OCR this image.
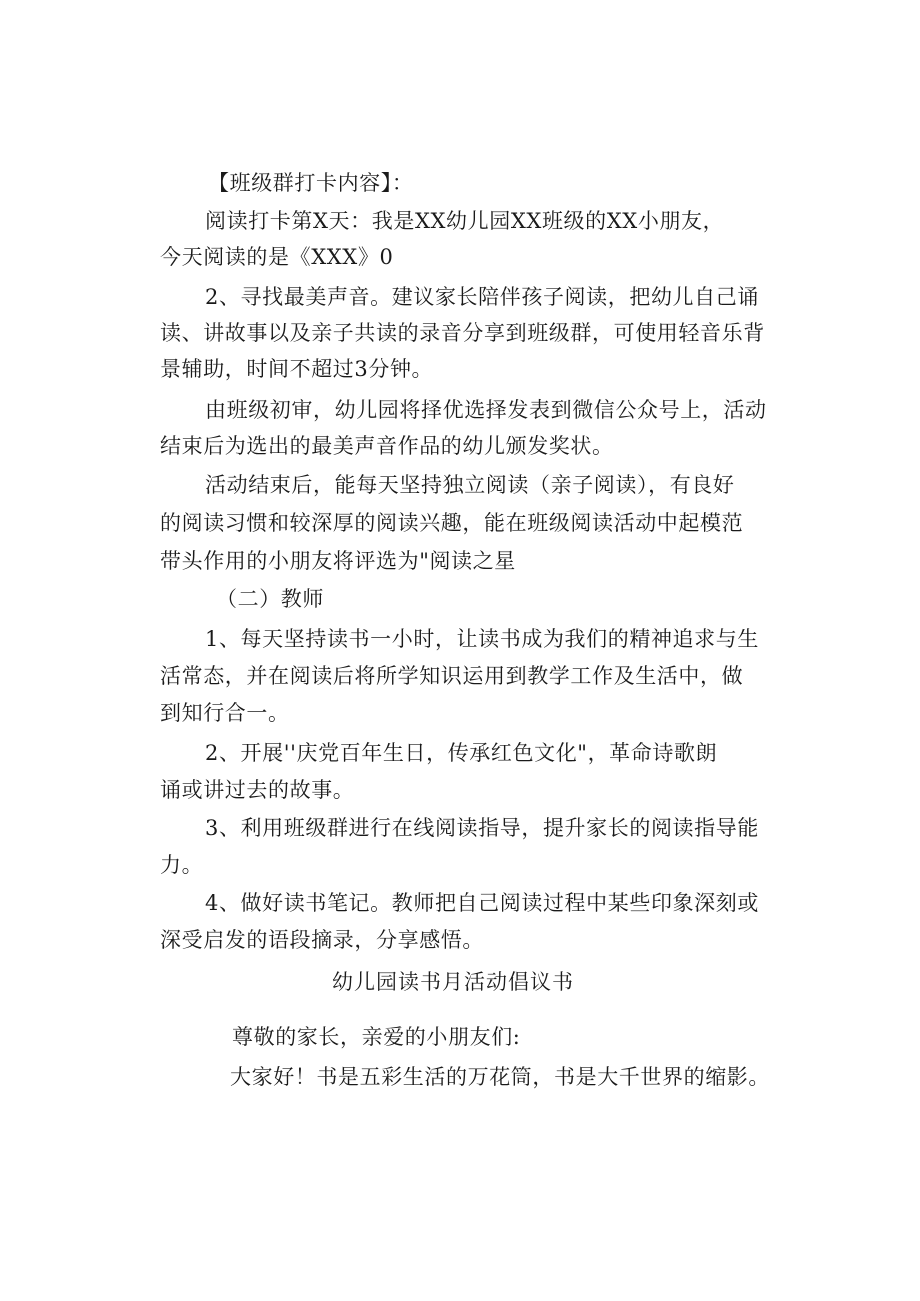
【班级群打卡内容】：
阅读打卡第X天：我是XX幼儿园XX班级的XX小朋友，
今天阅读的是《XXX》0
2、寻找最美声音。建议家长陪伴孩子阅读，把幼儿自己诵
读、讲故事以及亲子共读的录音分享到班级群，可使用轻音乐背
景辅助，时间不超过3分钟。
由班级初审，幼儿园将择优选择发表到微信公众号上，活动
结束后为选出的最美声音作品的幼儿颁发奖状。
活动结束后，能每天坚持独立阅读（亲子阅读），有良好
的阅读习惯和较深厚的阅读兴趣，能在班级阅读活动中起模范
带头作用的小朋友将评选为"阅读之星
（二）教师
1、每天坚持读书一小时，让读书成为我们的精神追求与生
活常态，并在阅读后将所学知识运用到教学工作及生活中，做
到知行合一。
2、开展''庆党百年生日，传承红色文化"，革命诗歌朗
诵或讲过去的故事。
3、利用班级群进行在线阅读指导，提升家长的阅读指导能
力。
4、做好读书笔记。教师把自己阅读过程中某些印象深刻或
深受启发的语段摘录，分享感悟。
幼儿园读书月活动倡议书
尊敬的家长，亲爱的小朋友们:
大家好！书是五彩生活的万花筒，书是大千世界的缩影。
